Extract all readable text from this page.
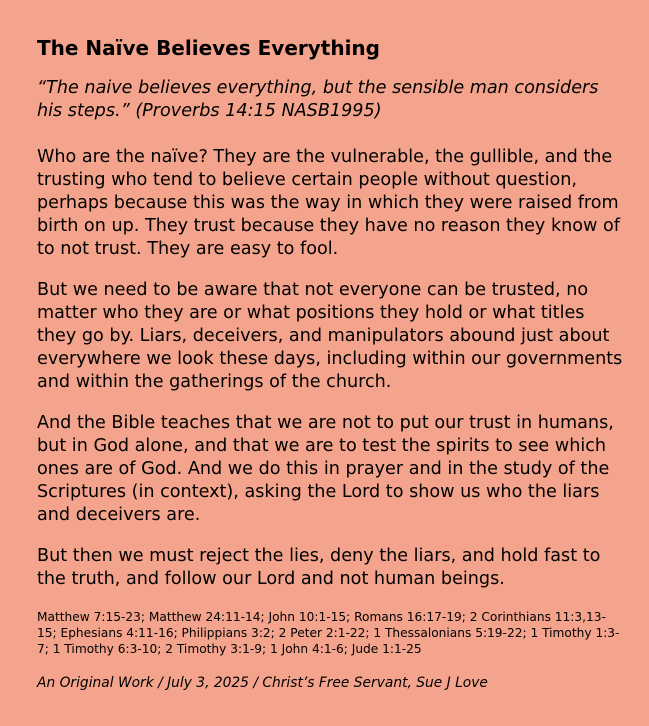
The Naïve Believes Everything

“The naive believes everything, but the sensible man considers his steps.” (Proverbs 14:15 NASB1995)

Who are the naïve? They are the vulnerable, the gullible, and the trusting who tend to believe certain people without question, perhaps because this was the way in which they were raised from birth on up. They trust because they have no reason they know of to not trust. They are easy to fool.

But we need to be aware that not everyone can be trusted, no matter who they are or what positions they hold or what titles they go by. Liars, deceivers, and manipulators abound just about everywhere we look these days, including within our governments and within the gatherings of the church.

And the Bible teaches that we are not to put our trust in humans, but in God alone, and that we are to test the spirits to see which ones are of God. And we do this in prayer and in the study of the Scriptures (in context), asking the Lord to show us who the liars and deceivers are.

But then we must reject the lies, deny the liars, and hold fast to the truth, and follow our Lord and not human beings.

Matthew 7:15-23; Matthew 24:11-14; John 10:1-15; Romans 16:17-19; 2 Corinthians 11:3,13-15; Ephesians 4:11-16; Philippians 3:2; 2 Peter 2:1-22; 1 Thessalonians 5:19-22; 1 Timothy 1:3-7; 1 Timothy 6:3-10; 2 Timothy 3:1-9; 1 John 4:1-6; Jude 1:1-25

An Original Work / July 3, 2025 / Christ’s Free Servant, Sue J Love
